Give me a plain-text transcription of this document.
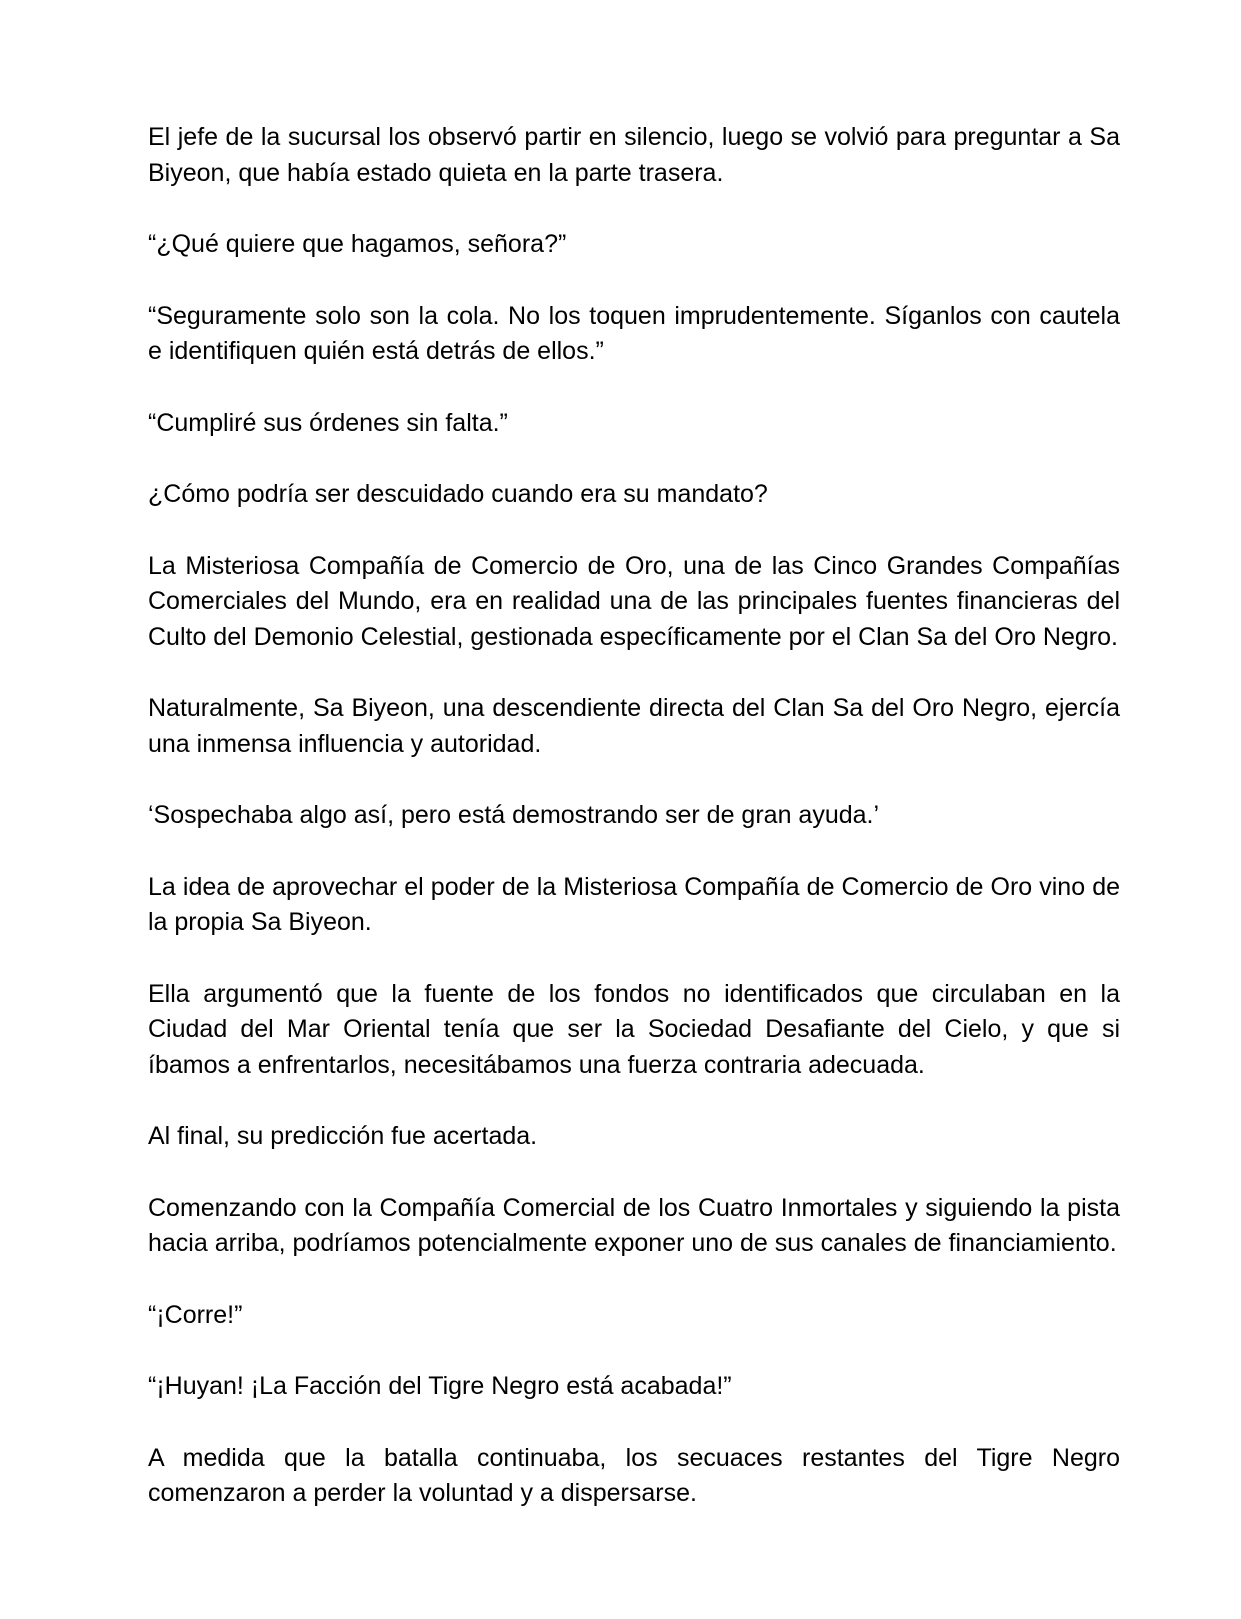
El jefe de la sucursal los observó partir en silencio, luego se volvió para preguntar a Sa Biyeon, que había estado quieta en la parte trasera.

“¿Qué quiere que hagamos, señora?”

“Seguramente solo son la cola. No los toquen imprudentemente. Síganlos con cautela e identifiquen quién está detrás de ellos.”

“Cumpliré sus órdenes sin falta.”

¿Cómo podría ser descuidado cuando era su mandato?

La Misteriosa Compañía de Comercio de Oro, una de las Cinco Grandes Compañías Comerciales del Mundo, era en realidad una de las principales fuentes financieras del Culto del Demonio Celestial, gestionada específicamente por el Clan Sa del Oro Negro.

Naturalmente, Sa Biyeon, una descendiente directa del Clan Sa del Oro Negro, ejercía una inmensa influencia y autoridad.

‘Sospechaba algo así, pero está demostrando ser de gran ayuda.’

La idea de aprovechar el poder de la Misteriosa Compañía de Comercio de Oro vino de la propia Sa Biyeon.

Ella argumentó que la fuente de los fondos no identificados que circulaban en la Ciudad del Mar Oriental tenía que ser la Sociedad Desafiante del Cielo, y que si íbamos a enfrentarlos, necesitábamos una fuerza contraria adecuada.

Al final, su predicción fue acertada.

Comenzando con la Compañía Comercial de los Cuatro Inmortales y siguiendo la pista hacia arriba, podríamos potencialmente exponer uno de sus canales de financiamiento.

“¡Corre!”

“¡Huyan! ¡La Facción del Tigre Negro está acabada!”

A medida que la batalla continuaba, los secuaces restantes del Tigre Negro comenzaron a perder la voluntad y a dispersarse.
